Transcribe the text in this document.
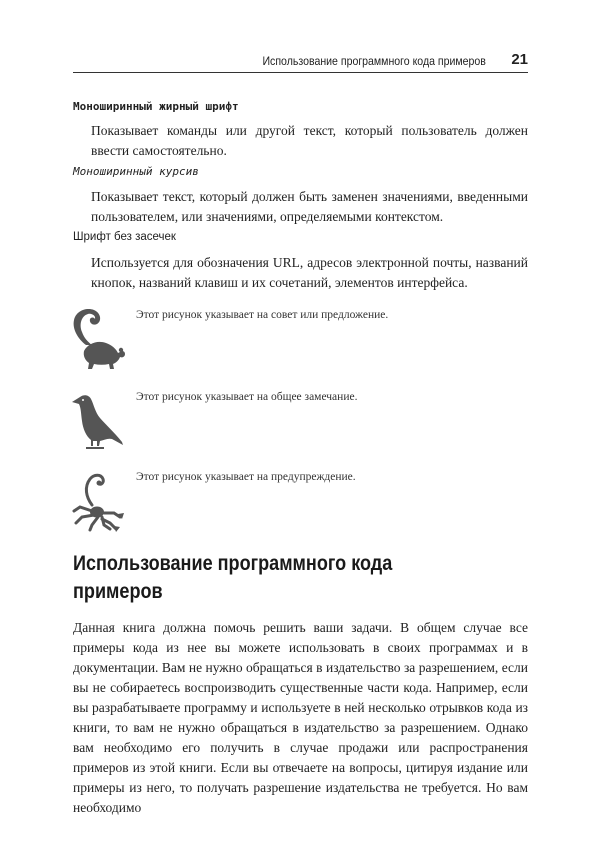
Использование программного кода примеров 21
Моноширинный жирный шрифт
Показывает команды или другой текст, который пользователь должен ввести самостоятельно.
Моноширинный курсив
Показывает текст, который должен быть заменен значениями, введенными пользователем, или значениями, определяемыми контекстом.
Шрифт без засечек
Используется для обозначения URL, адресов электронной почты, названий кнопок, названий клавиш и их сочетаний, элементов интерфейса.
Этот рисунок указывает на совет или предложение.
Этот рисунок указывает на общее замечание.
Этот рисунок указывает на предупреждение.
Использование программного кода примеров

Данная книга должна помочь решить ваши задачи. В общем случае все примеры кода из нее вы можете использовать в своих программах и в документации. Вам не нужно обращаться в издательство за разрешением, если вы не собираетесь воспроизводить существенные части кода. Например, если вы разрабатываете программу и используете в ней несколько отрывков кода из книги, то вам не нужно обращаться в издательство за разрешением. Однако вам необходимо его получить в случае продажи или распространения примеров из этой книги. Если вы отвечаете на вопросы, цитируя издание или примеры из него, то получать разрешение издательства не требуется. Но вам необходимо
